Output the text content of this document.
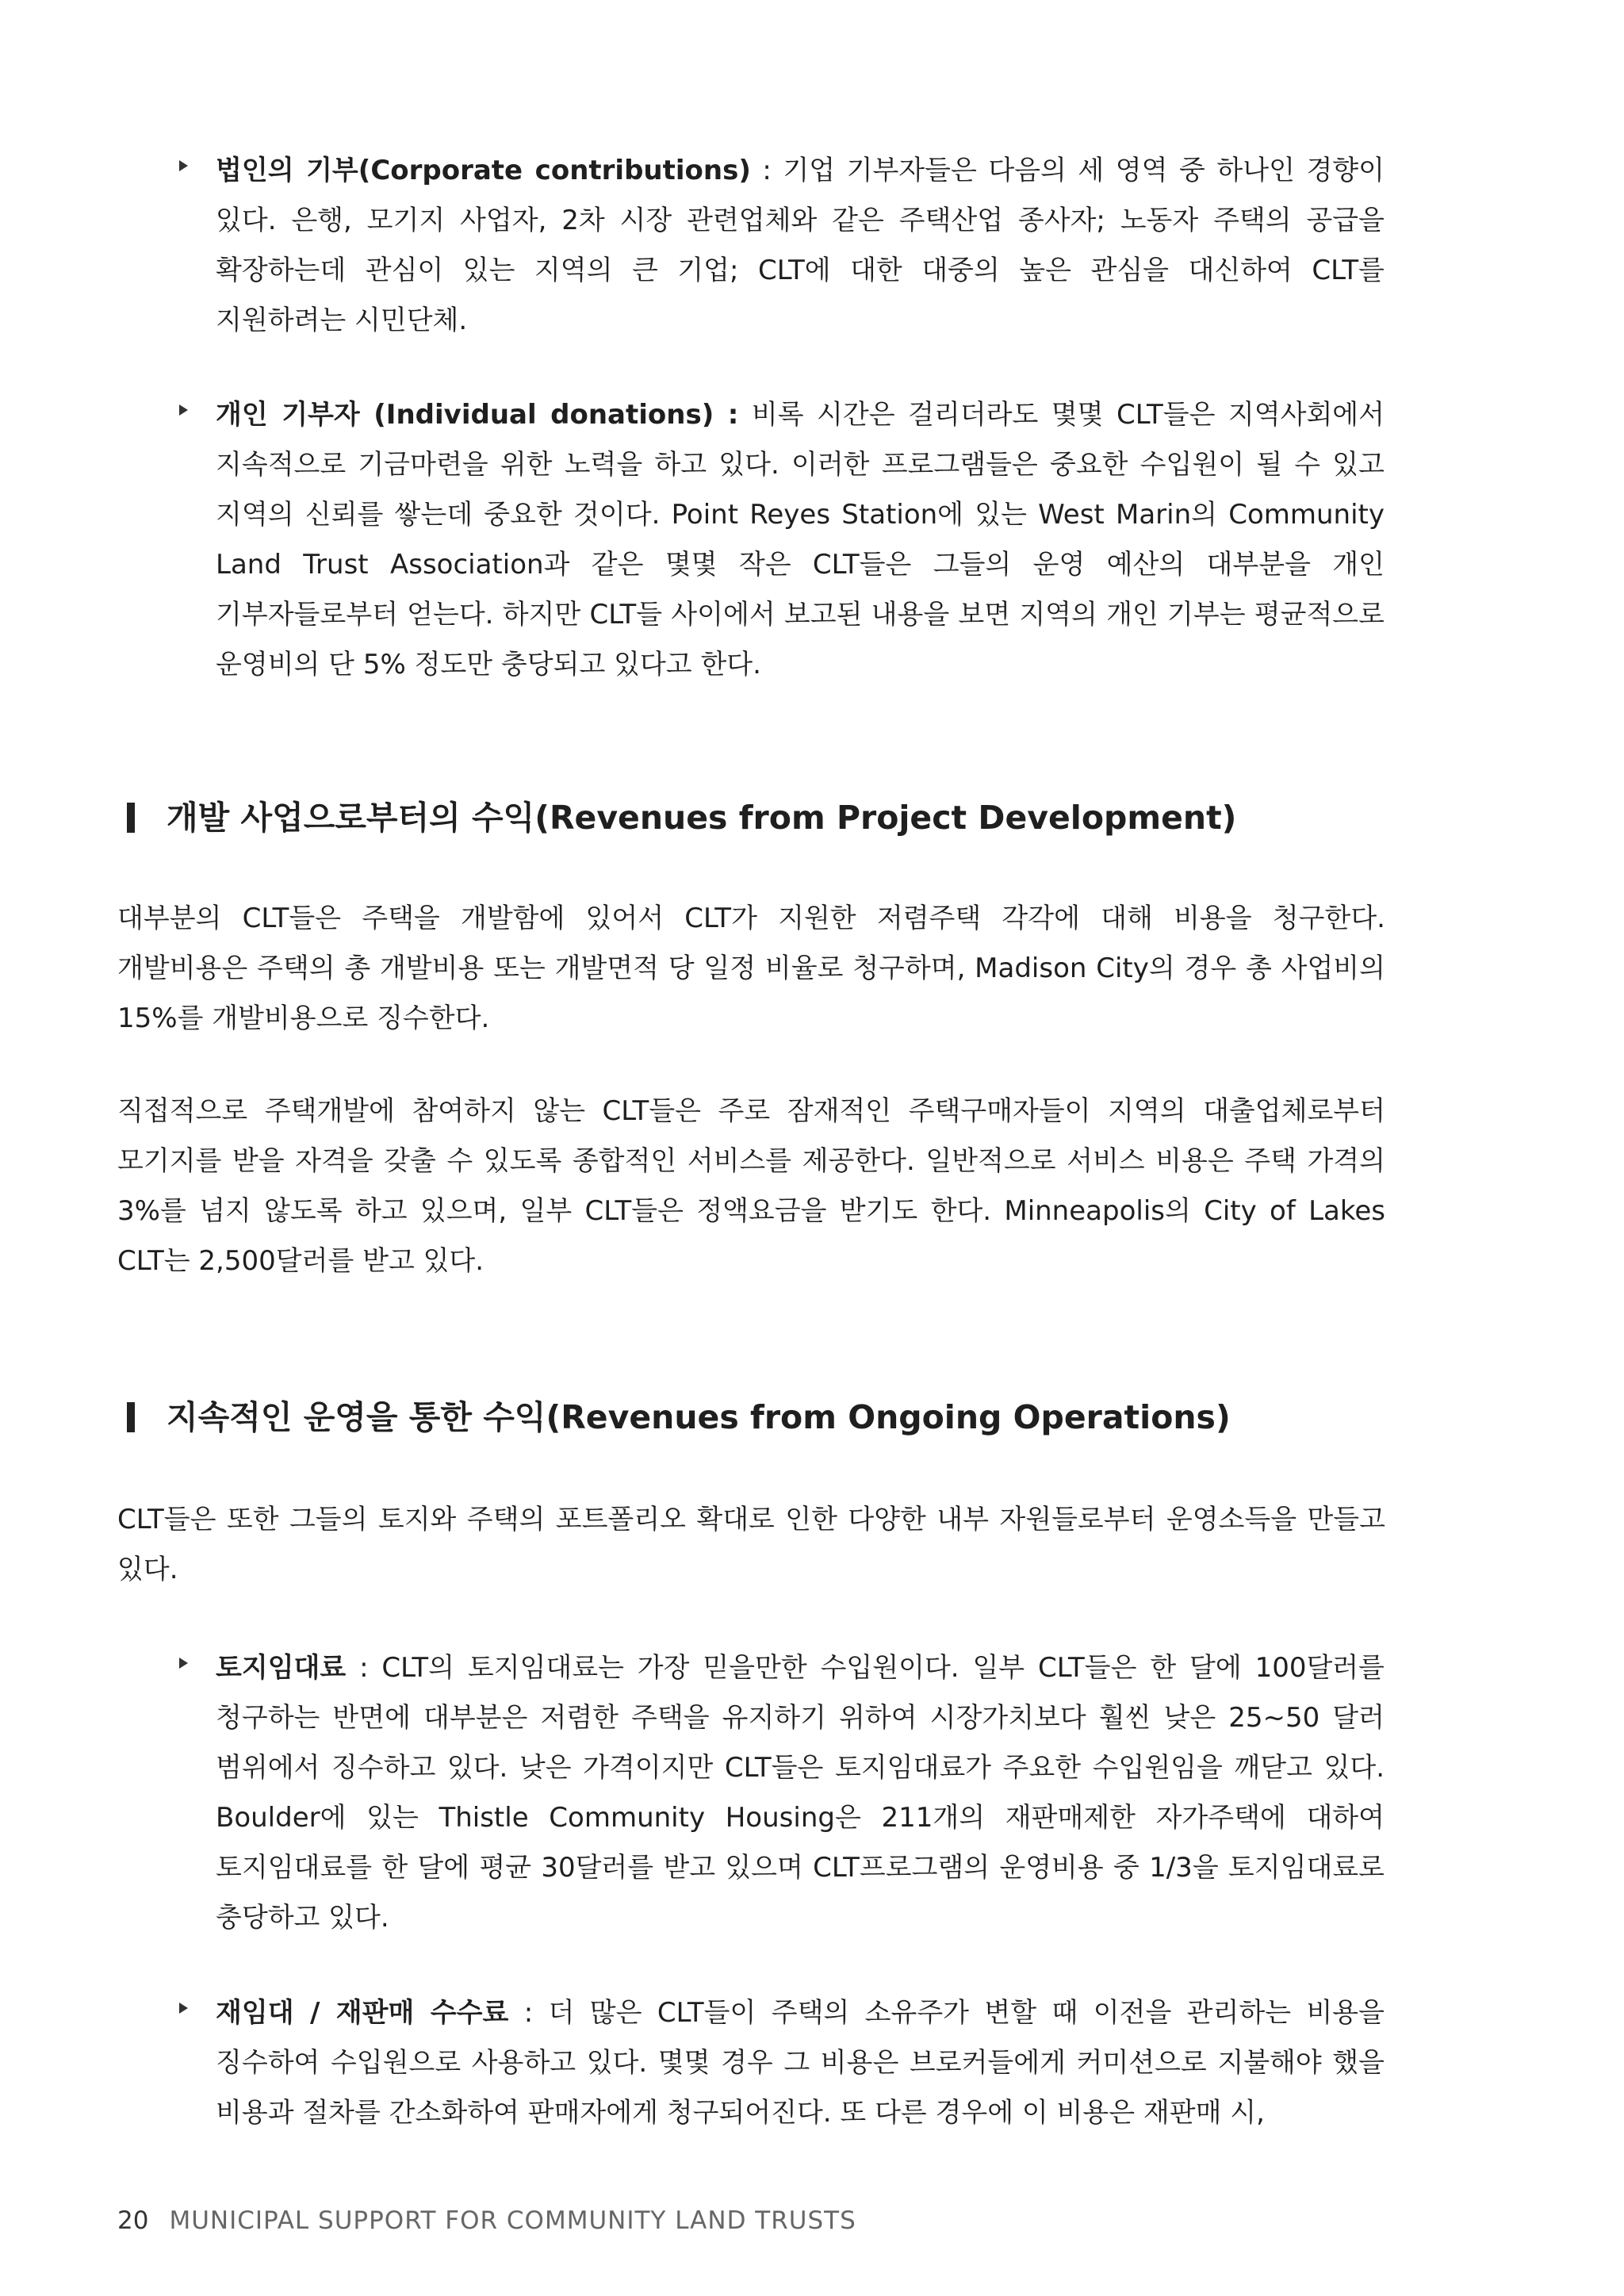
법인의 기부(Corporate contributions) : 기업 기부자들은 다음의 세 영역 중 하나인 경향이 있다. 은행, 모기지 사업자, 2차 시장 관련업체와 같은 주택산업 종사자; 노동자 주택의 공급을 확장하는데 관심이 있는 지역의 큰 기업; CLT에 대한 대중의 높은 관심을 대신하여 CLT를 지원하려는 시민단체.
개인 기부자 (Individual donations) : 비록 시간은 걸리더라도 몇몇 CLT들은 지역사회에서 지속적으로 기금마련을 위한 노력을 하고 있다. 이러한 프로그램들은 중요한 수입원이 될 수 있고 지역의 신뢰를 쌓는데 중요한 것이다. Point Reyes Station에 있는 West Marin의 Community Land Trust Association과 같은 몇몇 작은 CLT들은 그들의 운영 예산의 대부분을 개인 기부자들로부터 얻는다. 하지만 CLT들 사이에서 보고된 내용을 보면 지역의 개인 기부는 평균적으로 운영비의 단 5% 정도만 충당되고 있다고 한다.
개발 사업으로부터의 수익(Revenues from Project Development)
대부분의 CLT들은 주택을 개발함에 있어서 CLT가 지원한 저렴주택 각각에 대해 비용을 청구한다. 개발비용은 주택의 총 개발비용 또는 개발면적 당 일정 비율로 청구하며, Madison City의 경우 총 사업비의 15%를 개발비용으로 징수한다.
직접적으로 주택개발에 참여하지 않는 CLT들은 주로 잠재적인 주택구매자들이 지역의 대출업체로부터 모기지를 받을 자격을 갖출 수 있도록 종합적인 서비스를 제공한다. 일반적으로 서비스 비용은 주택 가격의 3%를 넘지 않도록 하고 있으며, 일부 CLT들은 정액요금을 받기도 한다. Minneapolis의 City of Lakes CLT는 2,500달러를 받고 있다.
지속적인 운영을 통한 수익(Revenues from Ongoing Operations)
CLT들은 또한 그들의 토지와 주택의 포트폴리오 확대로 인한 다양한 내부 자원들로부터 운영소득을 만들고 있다.
토지임대료 : CLT의 토지임대료는 가장 믿을만한 수입원이다. 일부 CLT들은 한 달에 100달러를 청구하는 반면에 대부분은 저렴한 주택을 유지하기 위하여 시장가치보다 훨씬 낮은 25~50 달러 범위에서 징수하고 있다. 낮은 가격이지만 CLT들은 토지임대료가 주요한 수입원임을 깨닫고 있다. Boulder에 있는 Thistle Community Housing은 211개의 재판매제한 자가주택에 대하여 토지임대료를 한 달에 평균 30달러를 받고 있으며 CLT프로그램의 운영비용 중 1/3을 토지임대료로 충당하고 있다.
재임대 / 재판매 수수료 : 더 많은 CLT들이 주택의 소유주가 변할 때 이전을 관리하는 비용을 징수하여 수입원으로 사용하고 있다. 몇몇 경우 그 비용은 브로커들에게 커미션으로 지불해야 했을 비용과 절차를 간소화하여 판매자에게 청구되어진다. 또 다른 경우에 이 비용은 재판매 시,
20 MUNICIPAL SUPPORT FOR COMMUNITY LAND TRUSTS
